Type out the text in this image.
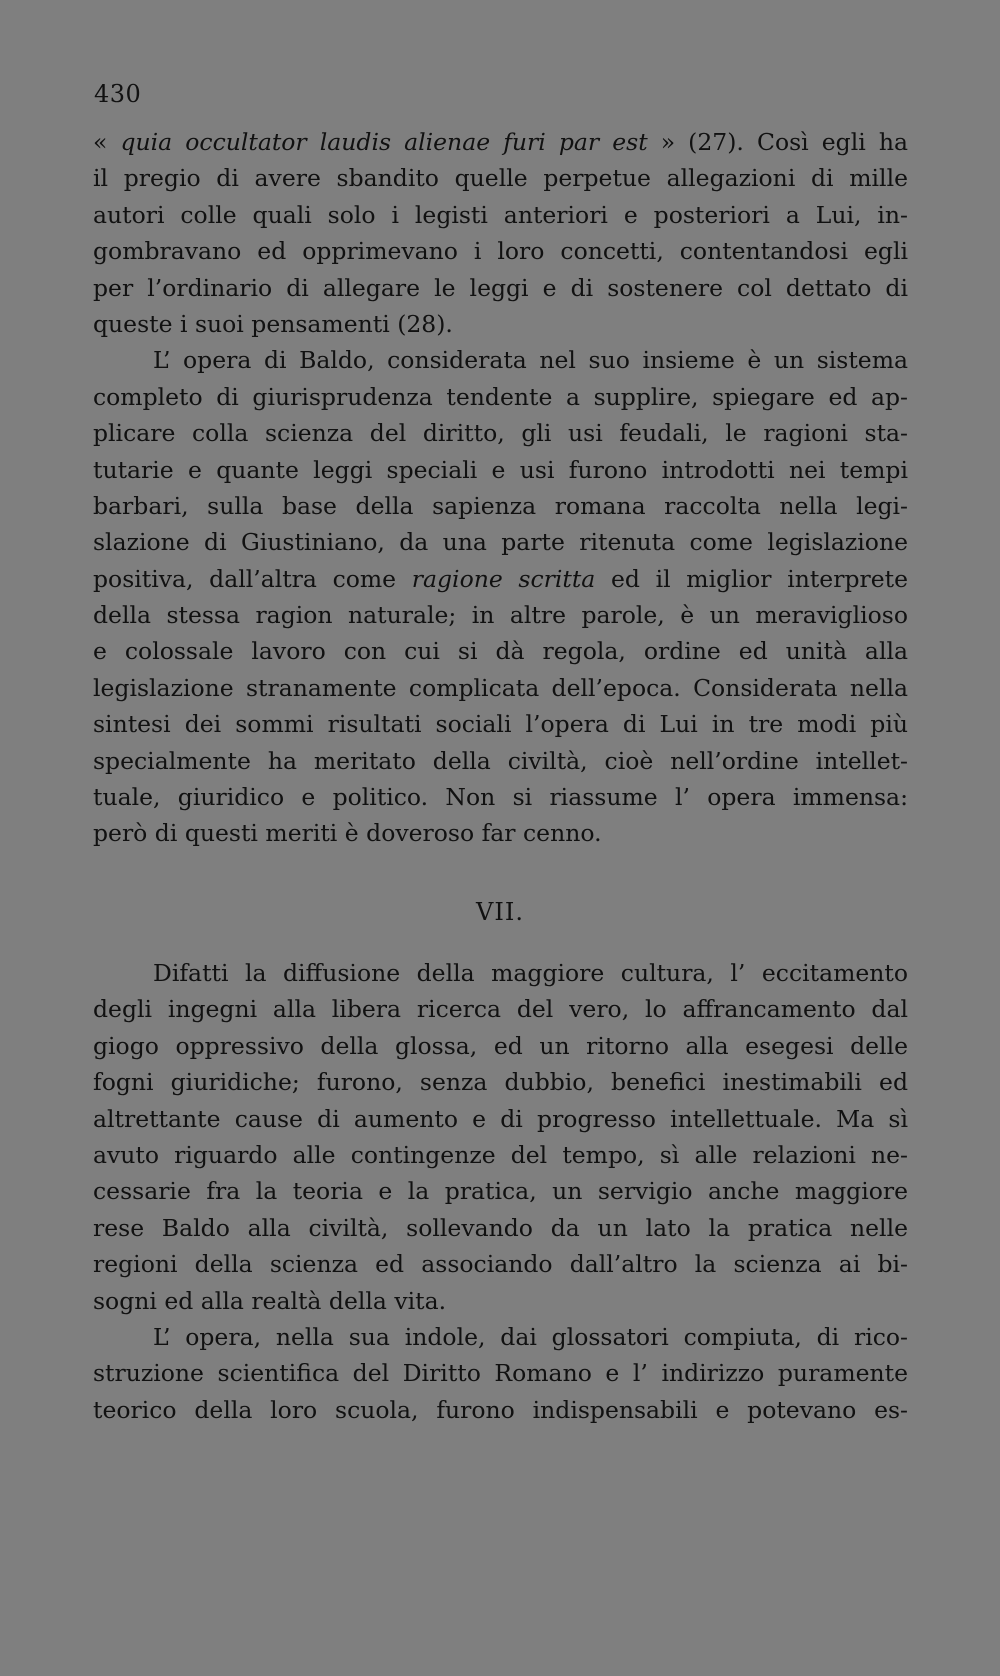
430
« quia occultator laudis alienae furi par est » (27). Così egli ha
il pregio di avere sbandito quelle perpetue allegazioni di mille
autori colle quali solo i legisti anteriori e posteriori a Lui, in-
gombravano ed opprimevano i loro concetti, contentandosi egli
per l’ordinario di allegare le leggi e di sostenere col dettato di
queste i suoi pensamenti (28).
L’ opera di Baldo, considerata nel suo insieme è un sistema
completo di giurisprudenza tendente a supplire, spiegare ed ap-
plicare colla scienza del diritto, gli usi feudali, le ragioni sta-
tutarie e quante leggi speciali e usi furono introdotti nei tempi
barbari, sulla base della sapienza romana raccolta nella legi-
slazione di Giustiniano, da una parte ritenuta come legislazione
positiva, dall’altra come ragione scritta ed il miglior interprete
della stessa ragion naturale; in altre parole, è un meraviglioso
e colossale lavoro con cui si dà regola, ordine ed unità alla
legislazione stranamente complicata dell’epoca. Considerata nella
sintesi dei sommi risultati sociali l’opera di Lui in tre modi più
specialmente ha meritato della civiltà, cioè nell’ordine intellet-
tuale, giuridico e politico. Non si riassume l’ opera immensa:
però di questi meriti è doveroso far cenno.
VII.
Difatti la diffusione della maggiore cultura, l’ eccitamento
degli ingegni alla libera ricerca del vero, lo affrancamento dal
giogo oppressivo della glossa, ed un ritorno alla esegesi delle
fogni giuridiche; furono, senza dubbio, benefici inestimabili ed
altrettante cause di aumento e di progresso intellettuale. Ma sì
avuto riguardo alle contingenze del tempo, sì alle relazioni ne-
cessarie fra la teoria e la pratica, un servigio anche maggiore
rese Baldo alla civiltà, sollevando da un lato la pratica nelle
regioni della scienza ed associando dall’altro la scienza ai bi-
sogni ed alla realtà della vita.
L’ opera, nella sua indole, dai glossatori compiuta, di rico-
struzione scientifica del Diritto Romano e l’ indirizzo puramente
teorico della loro scuola, furono indispensabili e potevano es-
